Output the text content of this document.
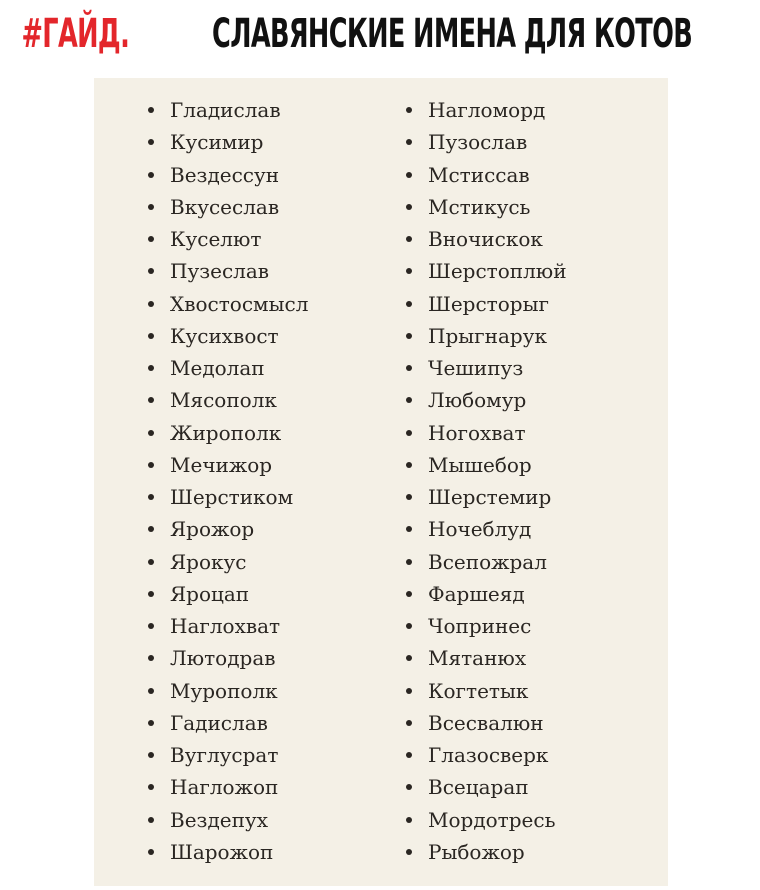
#ГАЙД. СЛАВЯНСКИЕ ИМЕНА ДЛЯ КОТОВ
Гладислав
Кусимир
Вездессун
Вкусеслав
Куселют
Пузеслав
Хвостосмысл
Кусихвост
Медолап
Мясополк
Жирополк
Мечижор
Шерстиком
Ярожор
Ярокус
Яроцап
Наглохват
Лютодрав
Мурополк
Гадислав
Вуглусрат
Нагложоп
Вездепух
Шарожоп
Нагломорд
Пузослав
Мстиссав
Мстикусь
Вночискок
Шерстоплюй
Шерсторыг
Прыгнарук
Чешипуз
Любомур
Ногохват
Мышебор
Шерстемир
Ночеблуд
Всепожрал
Фаршеяд
Чопринес
Мятанюх
Когтетык
Всесвалюн
Глазосверк
Всецарап
Мордотресь
Рыбожор
